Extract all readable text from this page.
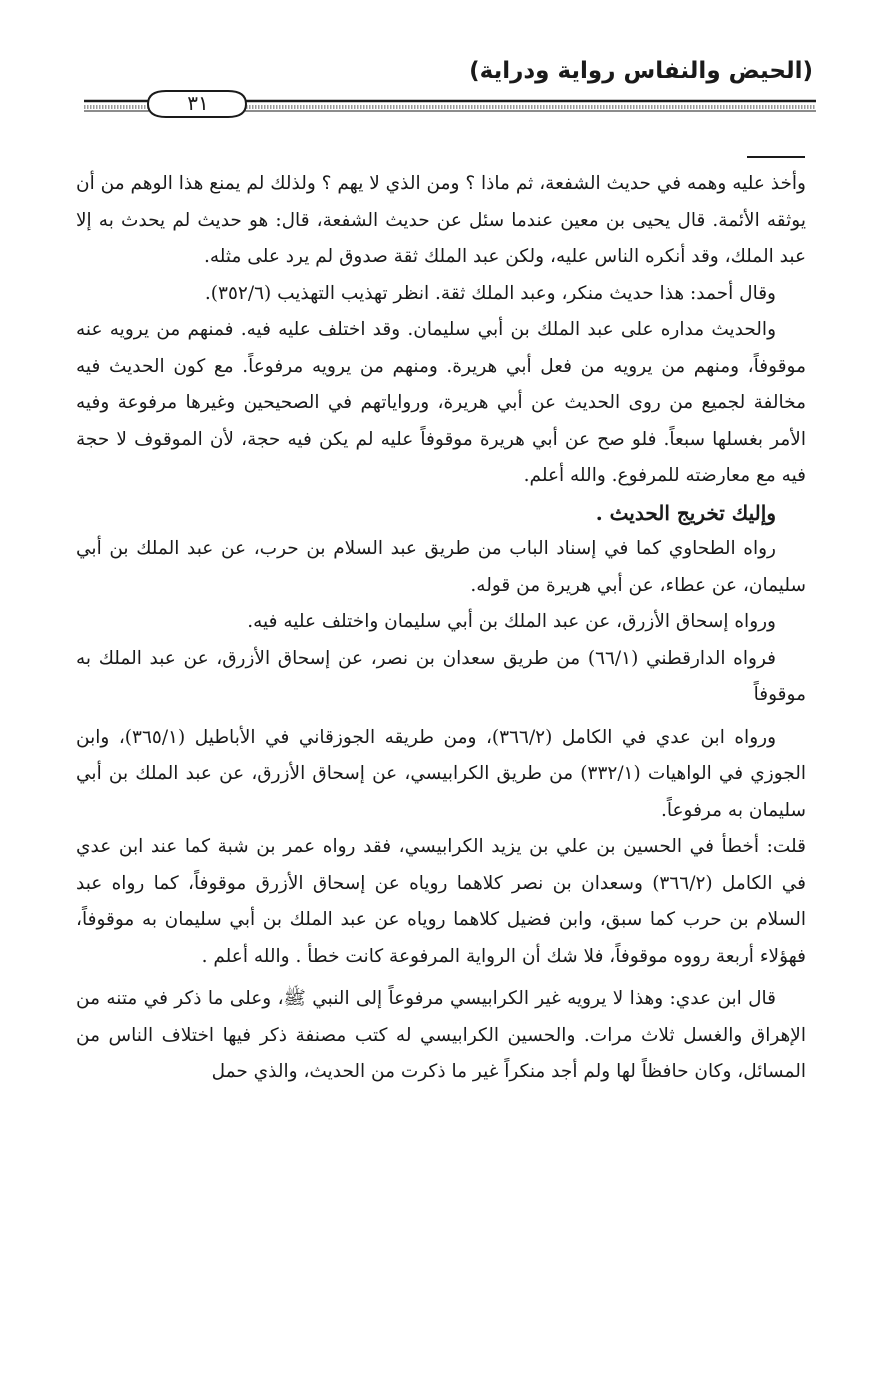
(الحيض والنفاس رواية ودراية)
٣١

وأخذ عليه وهمه في حديث الشفعة، ثم ماذا ؟ ومن الذي لا يهم ؟ ولذلك لم يمنع هذا الوهم من أن يوثقه الأئمة. قال يحيى بن معين عندما سئل عن حديث الشفعة، قال: هو حديث لم يحدث به إلا عبد الملك، وقد أنكره الناس عليه، ولكن عبد الملك ثقة صدوق لم يرد على مثله.

وقال أحمد: هذا حديث منكر، وعبد الملك ثقة. انظر تهذيب التهذيب (٣٥٢/٦).

والحديث مداره على عبد الملك بن أبي سليمان. وقد اختلف عليه فيه. فمنهم من يرويه عنه موقوفاً، ومنهم من يرويه من فعل أبي هريرة. ومنهم من يرويه مرفوعاً. مع كون الحديث فيه مخالفة لجميع من روى الحديث عن أبي هريرة، ورواياتهم في الصحيحين وغيرها مرفوعة وفيه الأمر بغسلها سبعاً. فلو صح عن أبي هريرة موقوفاً عليه لم يكن فيه حجة، لأن الموقوف لا حجة فيه مع معارضته للمرفوع. والله أعلم.

وإليك تخريج الحديث .

رواه الطحاوي كما في إسناد الباب من طريق عبد السلام بن حرب، عن عبد الملك بن أبي سليمان، عن عطاء، عن أبي هريرة من قوله.

ورواه إسحاق الأزرق، عن عبد الملك بن أبي سليمان واختلف عليه فيه.

فرواه الدارقطني (٦٦/١) من طريق سعدان بن نصر، عن إسحاق الأزرق، عن عبد الملك به موقوفاً

ورواه ابن عدي في الكامل (٣٦٦/٢)، ومن طريقه الجوزقاني في الأباطيل (٣٦٥/١)، وابن الجوزي في الواهيات (٣٣٢/١) من طريق الكرابيسي، عن إسحاق الأزرق، عن عبد الملك بن أبي سليمان به مرفوعاً.

قلت: أخطأ في الحسين بن علي بن يزيد الكرابيسي، فقد رواه عمر بن شبة كما عند ابن عدي في الكامل (٣٦٦/٢) وسعدان بن نصر كلاهما روياه عن إسحاق الأزرق موقوفاً، كما رواه عبد السلام بن حرب كما سبق، وابن فضيل كلاهما روياه عن عبد الملك بن أبي سليمان به موقوفاً، فهؤلاء أربعة رووه موقوفاً، فلا شك أن الرواية المرفوعة كانت خطأ . والله أعلم .

قال ابن عدي: وهذا لا يرويه غير الكرابيسي مرفوعاً إلى النبي ﷺ، وعلى ما ذكر في متنه من الإهراق والغسل ثلاث مرات. والحسين الكرابيسي له كتب مصنفة ذكر فيها اختلاف الناس من المسائل، وكان حافظاً لها ولم أجد منكراً غير ما ذكرت من الحديث، والذي حمل
